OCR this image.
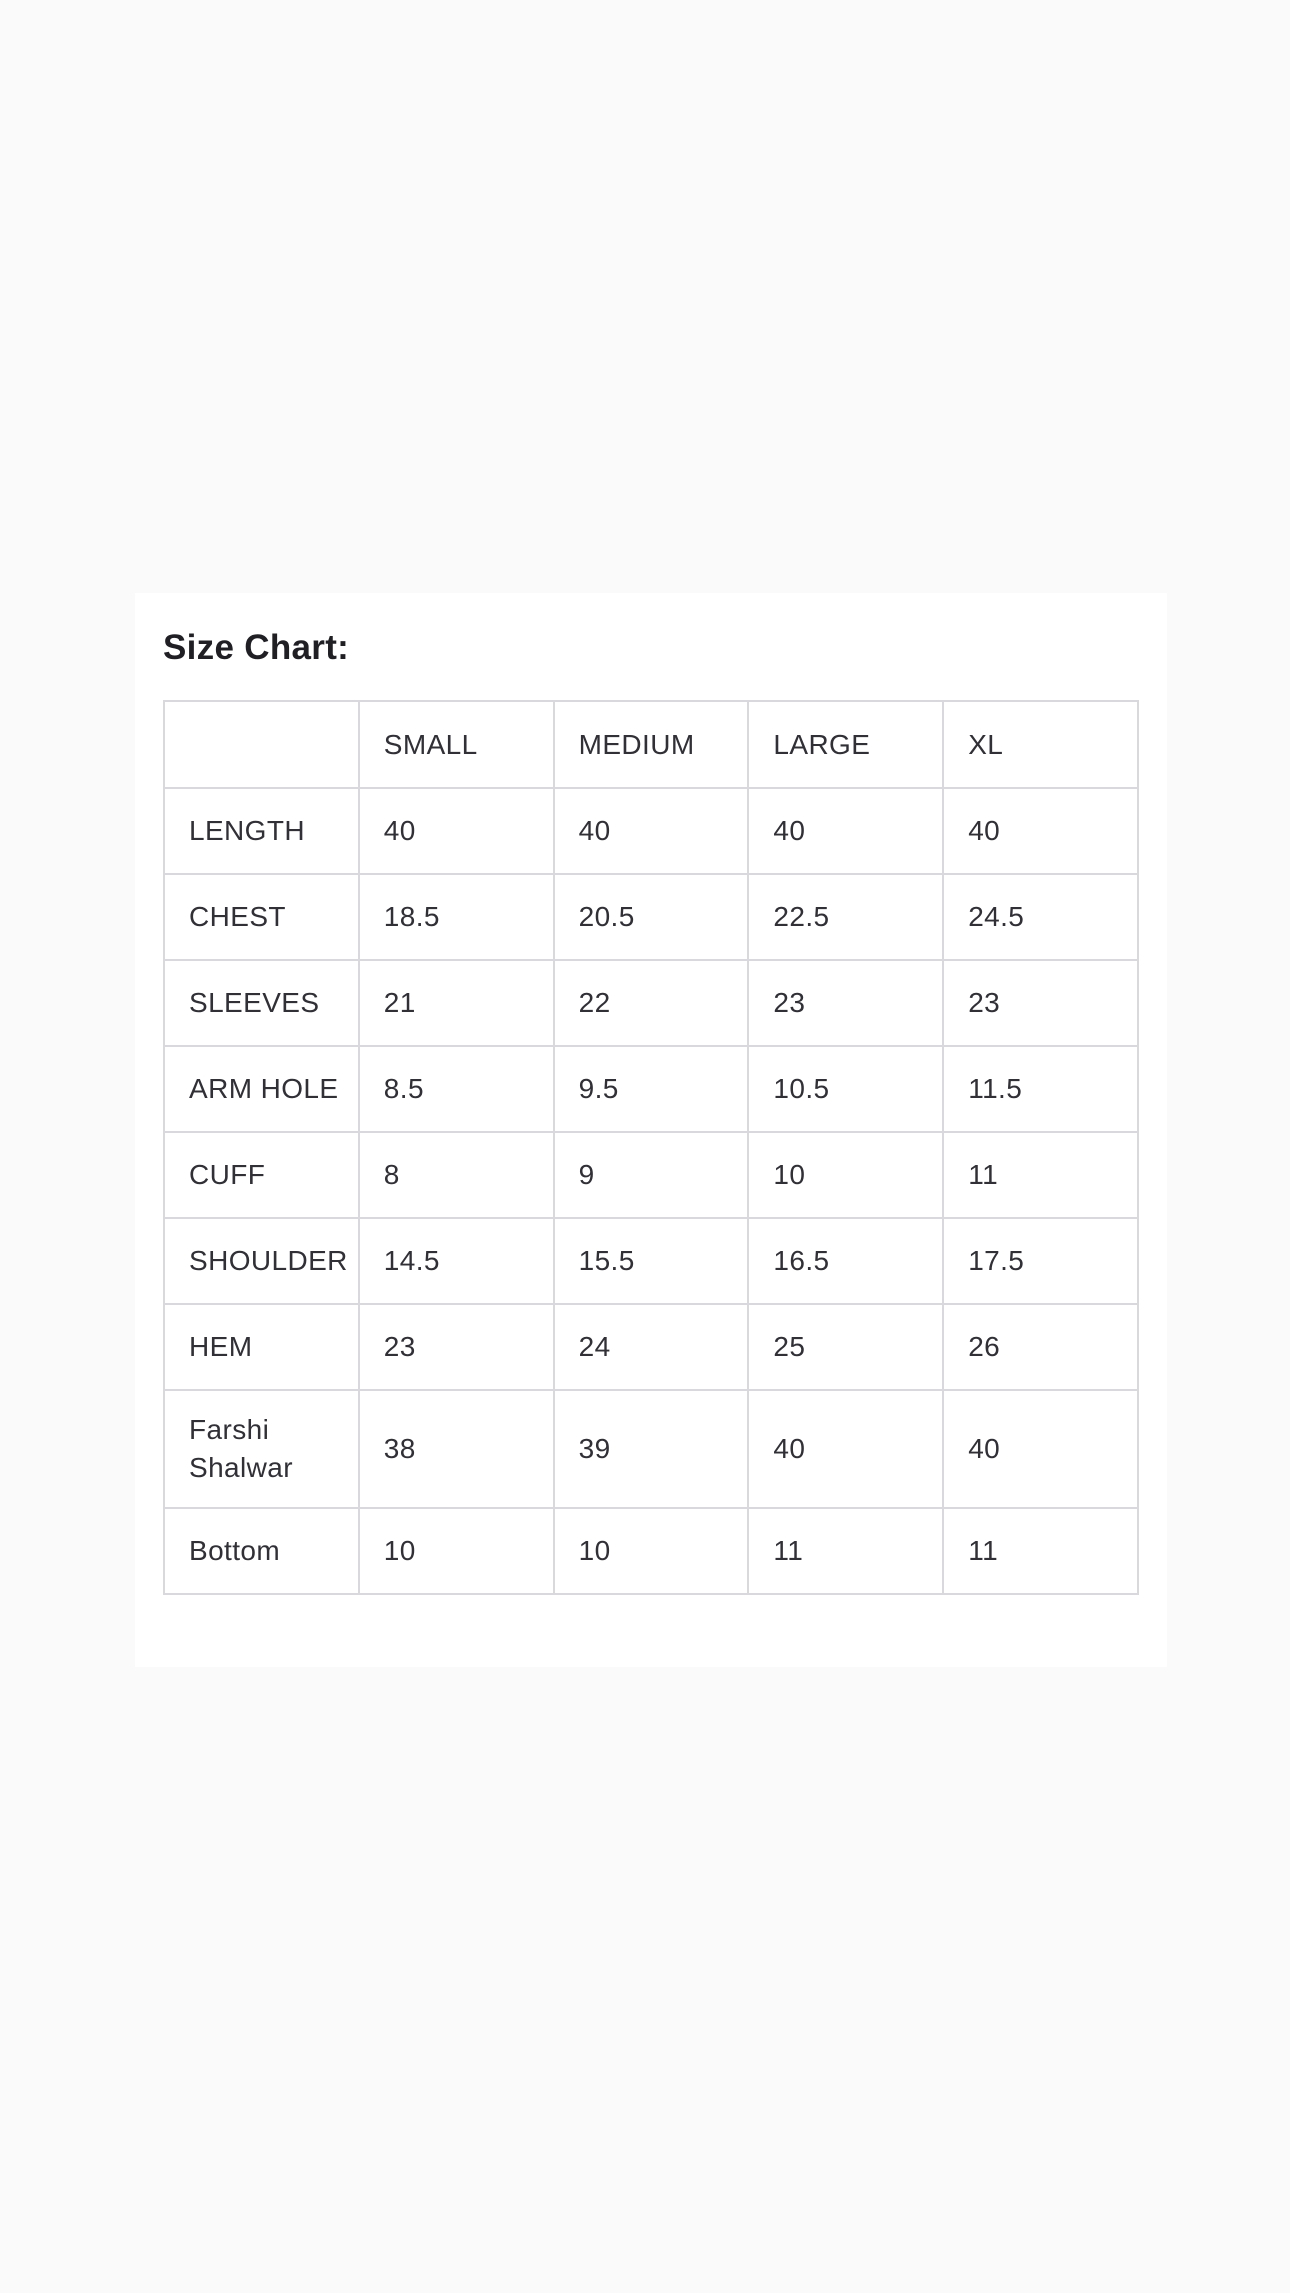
Size Chart:
	SMALL	MEDIUM	LARGE	XL
LENGTH	40	40	40	40
CHEST	18.5	20.5	22.5	24.5
SLEEVES	21	22	23	23
ARM HOLE	8.5	9.5	10.5	11.5
CUFF	8	9	10	11
SHOULDER	14.5	15.5	16.5	17.5
HEM	23	24	25	26
Farshi Shalwar	38	39	40	40
Bottom	10	10	11	11
